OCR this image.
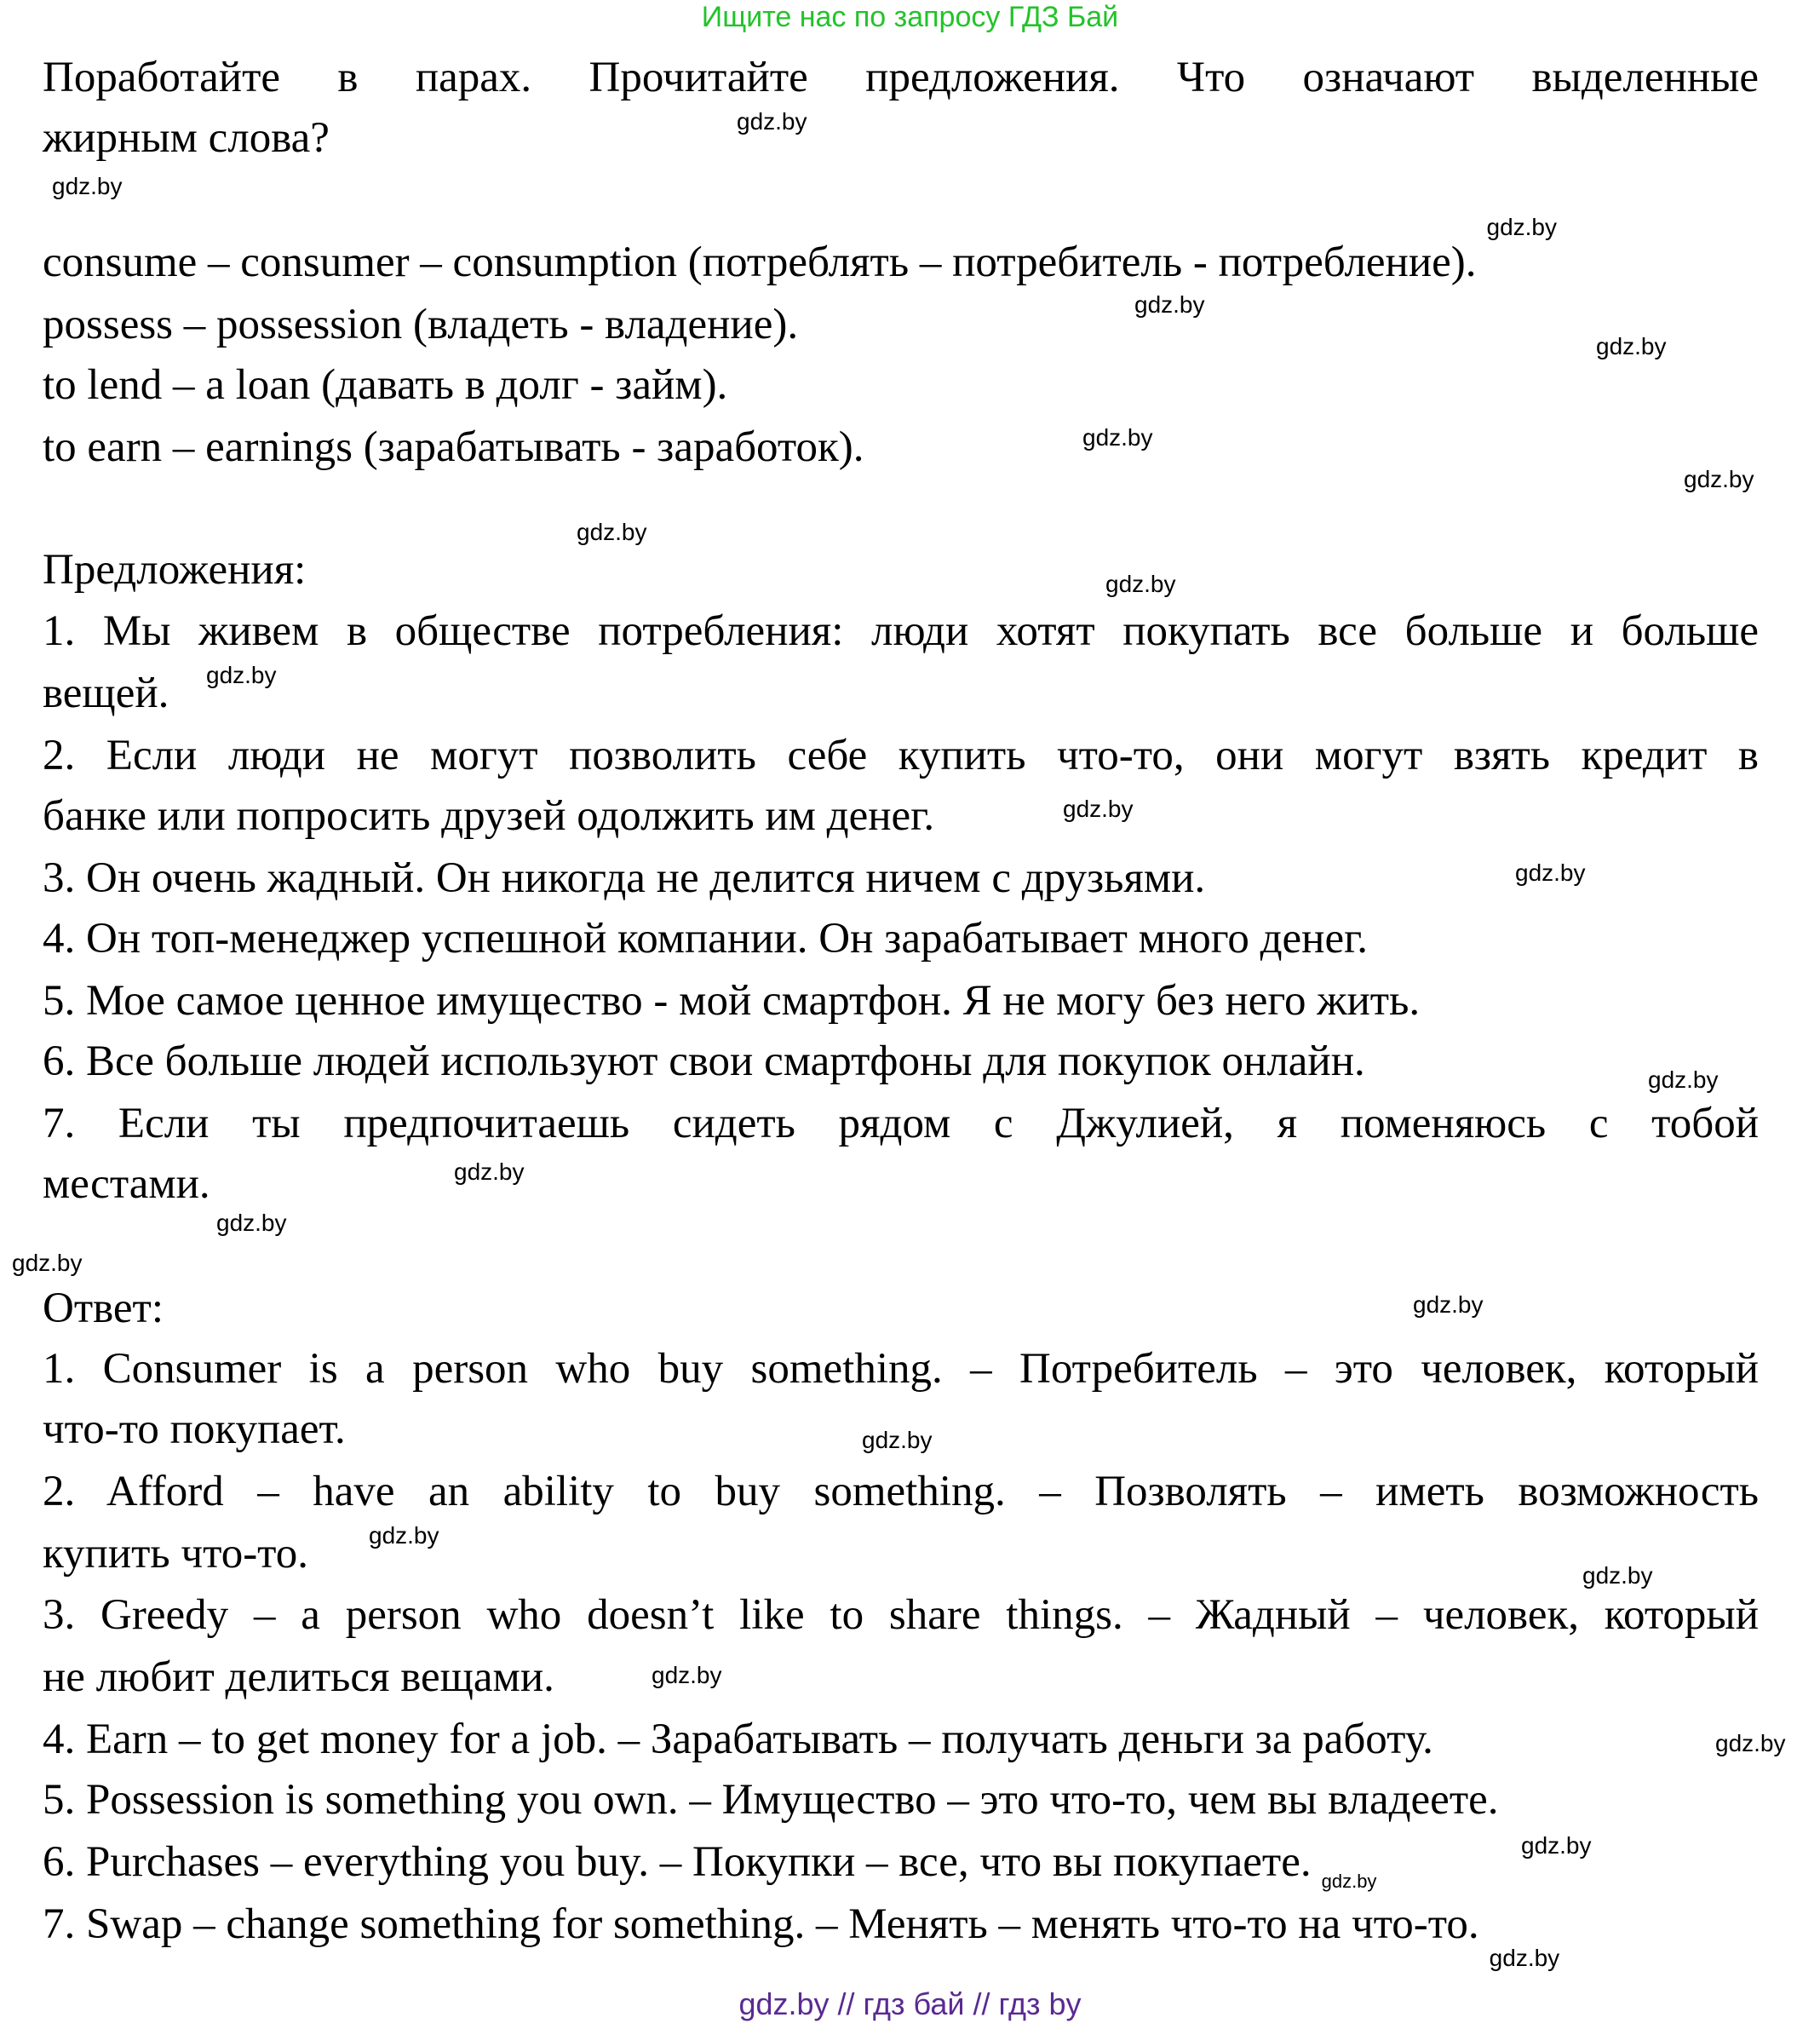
Ищите нас по запросу ГДЗ Бай
Поработайте в парах. Прочитайте предложения. Что означают выделенные
жирным слова?
consume – consumer – consumption (потреблять – потребитель - потребление).
possess – possession (владеть - владение).
to lend – a loan (давать в долг - займ).
to earn – earnings (зарабатывать - заработок).
Предложения:
1. Мы живем в обществе потребления: люди хотят покупать все больше и больше
вещей.
2. Если люди не могут позволить себе купить что-то, они могут взять кредит в
банке или попросить друзей одолжить им денег.
3. Он очень жадный. Он никогда не делится ничем с друзьями.
4. Он топ-менеджер успешной компании. Он зарабатывает много денег.
5. Мое самое ценное имущество - мой смартфон. Я не могу без него жить.
6. Все больше людей используют свои смартфоны для покупок онлайн.
7. Если ты предпочитаешь сидеть рядом с Джулией, я поменяюсь с тобой
местами.
Ответ:
1. Consumer is a person who buy something. – Потребитель – это человек, который
что-то покупает.
2. Afford – have an ability to buy something. – Позволять – иметь возможность
купить что-то.
3. Greedy – a person who doesn’t like to share things. – Жадный – человек, который
не любит делиться вещами.
4. Earn – to get money for a job. – Зарабатывать – получать деньги за работу.
5. Possession is something you own. – Имущество – это что-то, чем вы владеете.
6. Purchases – everything you buy. – Покупки – все, что вы покупаете.
7. Swap – change something for something. – Менять – менять что-то на что-то.
gdz.by
gdz.by
gdz.by
gdz.by
gdz.by
gdz.by
gdz.by
gdz.by
gdz.by
gdz.by
gdz.by
gdz.by
gdz.by
gdz.by
gdz.by
gdz.by
gdz.by
gdz.by
gdz.by
gdz.by
gdz.by
gdz.by
gdz.by
gdz.by
gdz.by
gdz.by // гдз бай // гдз by
